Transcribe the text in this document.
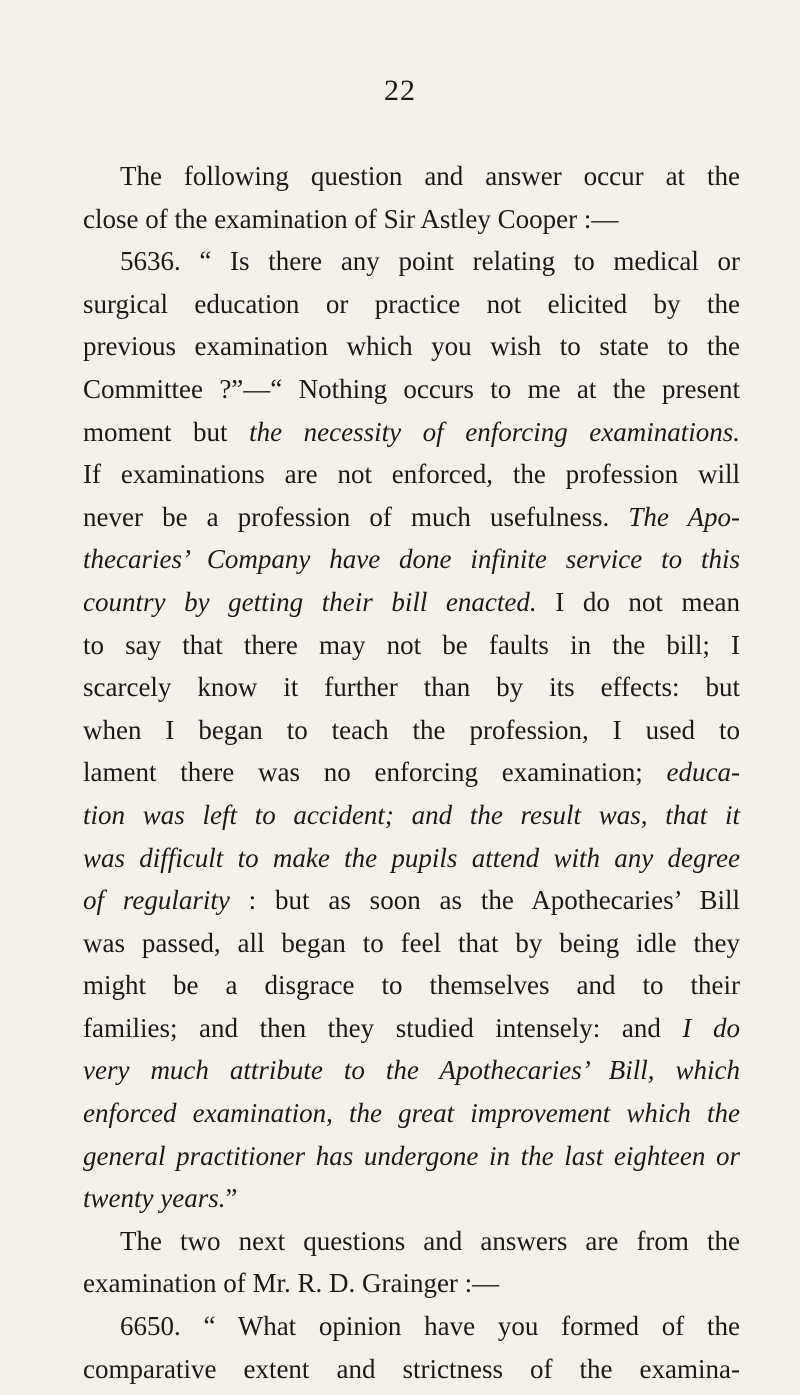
22
The following question and answer occur at the
close of the examination of Sir Astley Cooper :—
5636. “ Is there any point relating to medical or
surgical education or practice not elicited by the
previous examination which you wish to state to the
Committee ?”—“ Nothing occurs to me at the present
moment but the necessity of enforcing examinations.
If examinations are not enforced, the profession will
never be a profession of much usefulness. The Apo-
thecaries’ Company have done infinite service to this
country by getting their bill enacted. I do not mean
to say that there may not be faults in the bill; I
scarcely know it further than by its effects: but
when I began to teach the profession, I used to
lament there was no enforcing examination; educa-
tion was left to accident; and the result was, that it
was difficult to make the pupils attend with any degree
of regularity : but as soon as the Apothecaries’ Bill
was passed, all began to feel that by being idle they
might be a disgrace to themselves and to their
families; and then they studied intensely: and I do
very much attribute to the Apothecaries’ Bill, which
enforced examination, the great improvement which the
general practitioner has undergone in the last eighteen or
twenty years.”
The two next questions and answers are from the
examination of Mr. R. D. Grainger :—
6650. “ What opinion have you formed of the
comparative extent and strictness of the examina-
